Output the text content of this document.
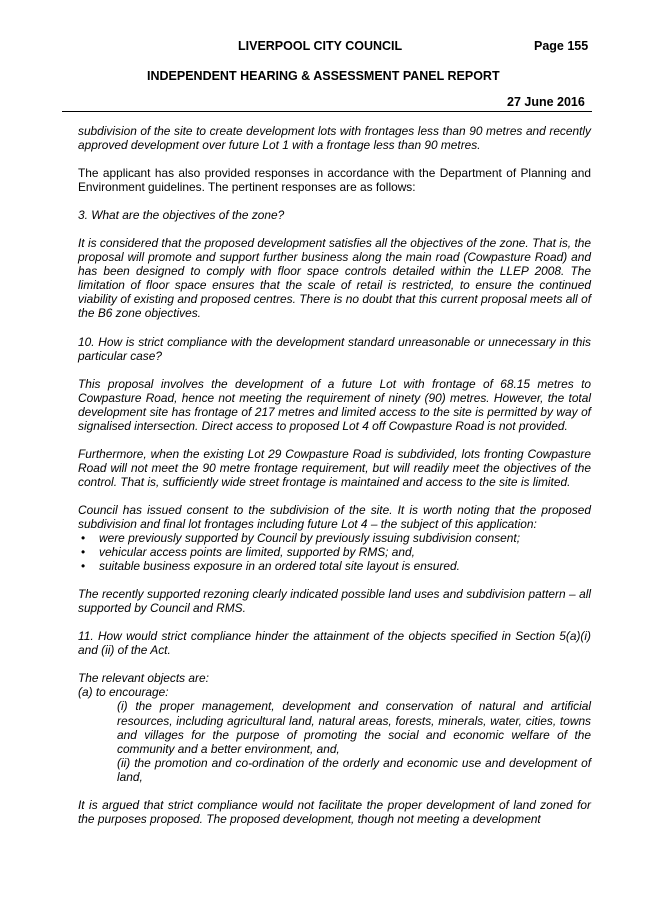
LIVERPOOL CITY COUNCIL	Page 155
INDEPENDENT HEARING & ASSESSMENT PANEL REPORT
27 June 2016

subdivision of the site to create development lots with frontages less than 90 metres and recently approved development over future Lot 1 with a frontage less than 90 metres.

The applicant has also provided responses in accordance with the Department of Planning and Environment guidelines. The pertinent responses are as follows:

3. What are the objectives of the zone?

It is considered that the proposed development satisfies all the objectives of the zone. That is, the proposal will promote and support further business along the main road (Cowpasture Road) and has been designed to comply with floor space controls detailed within the LLEP 2008. The limitation of floor space ensures that the scale of retail is restricted, to ensure the continued viability of existing and proposed centres. There is no doubt that this current proposal meets all of the B6 zone objectives.

10. How is strict compliance with the development standard unreasonable or unnecessary in this particular case?

This proposal involves the development of a future Lot with frontage of 68.15 metres to Cowpasture Road, hence not meeting the requirement of ninety (90) metres. However, the total development site has frontage of 217 metres and limited access to the site is permitted by way of signalised intersection. Direct access to proposed Lot 4 off Cowpasture Road is not provided.

Furthermore, when the existing Lot 29 Cowpasture Road is subdivided, lots fronting Cowpasture Road will not meet the 90 metre frontage requirement, but will readily meet the objectives of the control. That is, sufficiently wide street frontage is maintained and access to the site is limited.

Council has issued consent to the subdivision of the site. It is worth noting that the proposed subdivision and final lot frontages including future Lot 4 – the subject of this application:

• were previously supported by Council by previously issuing subdivision consent;
• vehicular access points are limited, supported by RMS; and,
• suitable business exposure in an ordered total site layout is ensured.

The recently supported rezoning clearly indicated possible land uses and subdivision pattern – all supported by Council and RMS.

11. How would strict compliance hinder the attainment of the objects specified in Section 5(a)(i) and (ii) of the Act.

The relevant objects are:

(a) to encourage:

(i) the proper management, development and conservation of natural and artificial resources, including agricultural land, natural areas, forests, minerals, water, cities, towns and villages for the purpose of promoting the social and economic welfare of the community and a better environment, and,
(ii) the promotion and co-ordination of the orderly and economic use and development of land,

It is argued that strict compliance would not facilitate the proper development of land zoned for the purposes proposed. The proposed development, though not meeting a development
